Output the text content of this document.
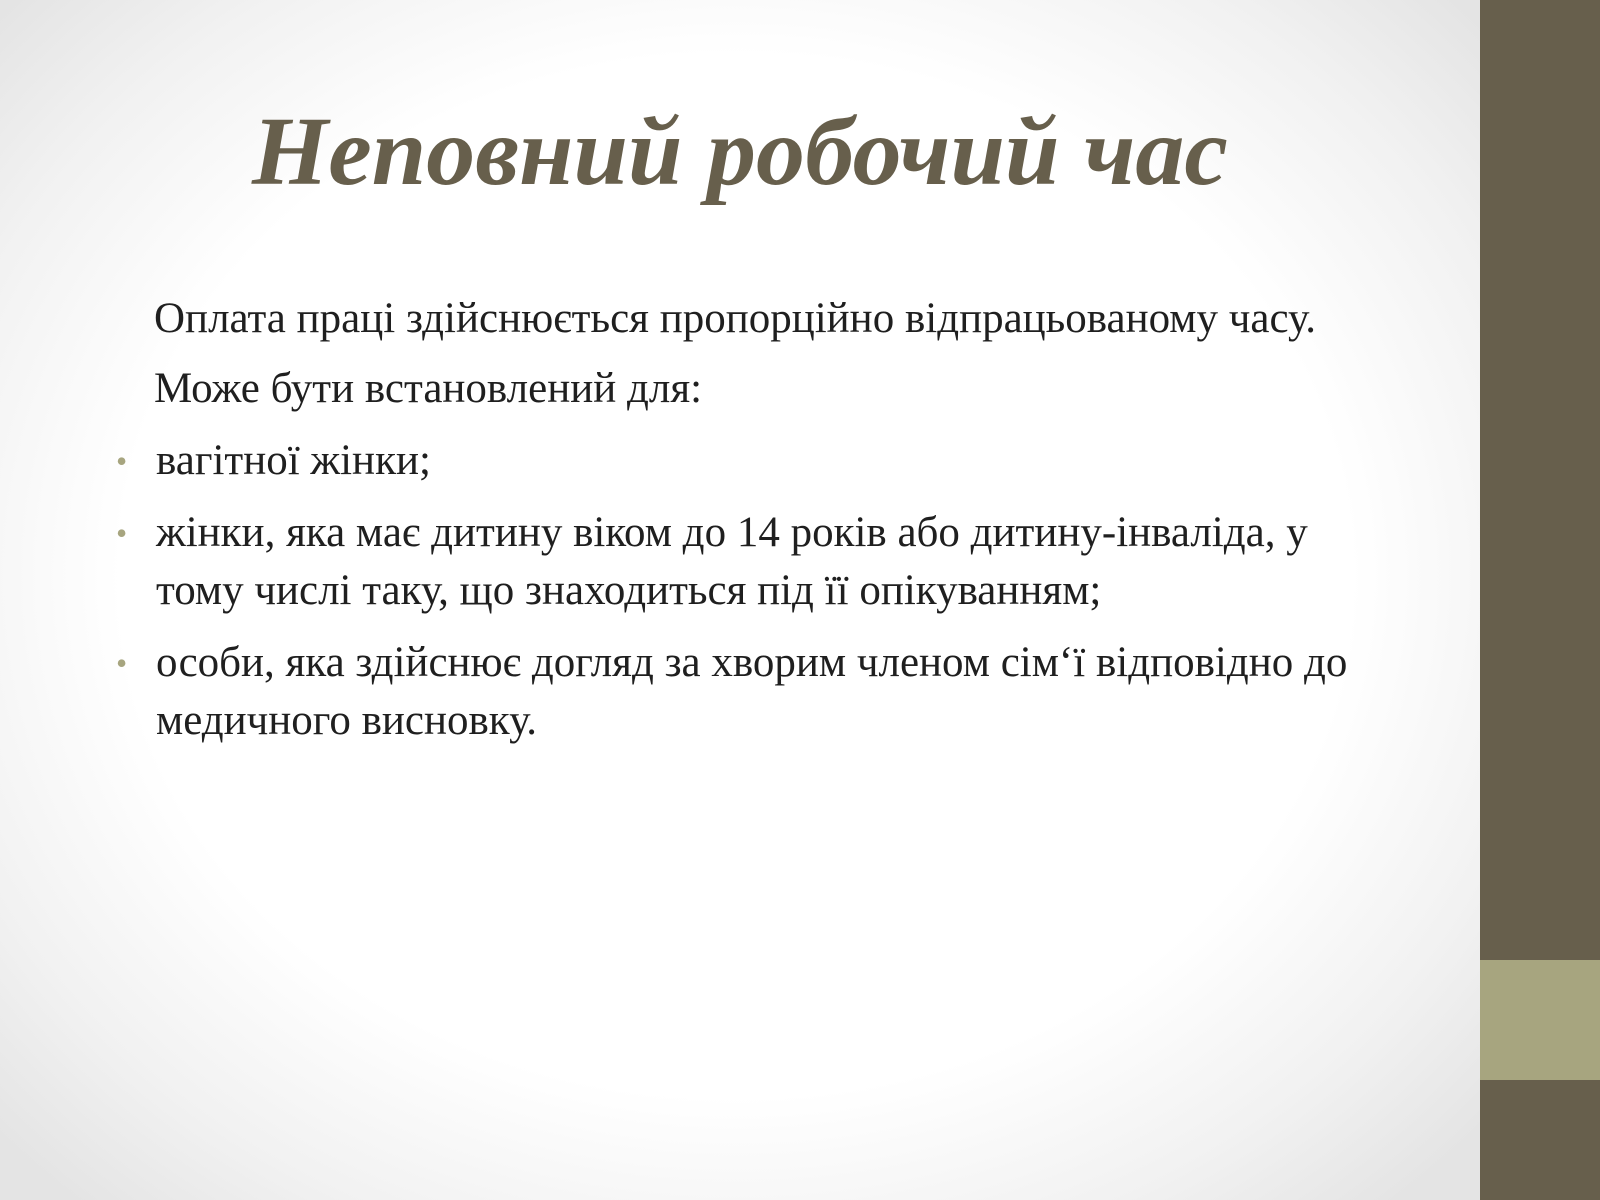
Неповний робочий час

Оплата праці здійснюється пропорційно відпрацьованому часу.

Може бути встановлений для:

• вагітної жінки;
• жінки, яка має дитину віком до 14 років або дитину-інваліда, у тому числі таку, що знаходиться під її опікуванням;
• особи, яка здійснює догляд за хворим членом сім‘ї відповідно до медичного висновку.
